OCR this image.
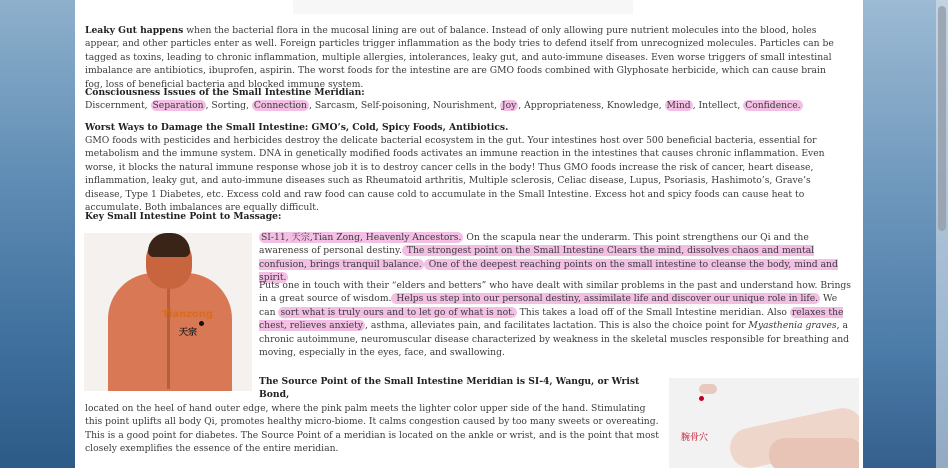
Leaky Gut happens when the bacterial flora in the mucosal lining are out of balance. Instead of only allowing pure nutrient molecules into the blood, holes appear, and other particles enter as well. Foreign particles trigger inflammation as the body tries to defend itself from unrecognized molecules. Particles can be tagged as toxins, leading to chronic inflammation, multiple allergies, intolerances, leaky gut, and auto-immune diseases. Even worse triggers of small intestinal imbalance are antibiotics, ibuprofen, aspirin. The worst foods for the intestine are are GMO foods combined with Glyphosate herbicide, which can cause brain fog, loss of beneficial bacteria and blocked immune system.

Consciousness Issues of the Small Intestine Meridian:

Discernment, Separation , Sorting, Connection , Sarcasm, Self-poisoning, Nourishment, Joy , Appropriateness, Knowledge, Mind , Intellect, Confidence.

Worst Ways to Damage the Small Intestine: GMO’s, Cold, Spicy Foods, Antibiotics.

GMO foods with pesticides and herbicides destroy the delicate bacterial ecosystem in the gut. Your intestines host over 500 beneficial bacteria, essential for metabolism and the immune system. DNA in genetically modified foods activates an immune reaction in the intestines that causes chronic inflammation. Even worse, it blocks the natural immune response whose job it is to destroy cancer cells in the body! Thus GMO foods increase the risk of cancer, heart disease, inflammation, leaky gut, and auto-immune diseases such as Rheumatoid arthritis, Multiple sclerosis, Celiac disease, Lupus, Psoriasis, Hashimoto’s, Grave’s disease, Type 1 Diabetes, etc. Excess cold and raw food can cause cold to accumulate in the Small Intestine. Excess hot and spicy foods can cause heat to accumulate. Both imbalances are equally difficult.

Key Small Intestine Point to Massage:

Tianzong
天宗

SI-11, 天宗,Tian Zong, Heavenly Ancestors. On the scapula near the underarm. This point strengthens our Qi and the awareness of personal destiny. The strongest point on the Small Intestine Clears the mind, dissolves chaos and mental confusion, brings tranquil balance. One of the deepest reaching points on the small intestine to cleanse the body, mind and spirit.

Puts one in touch with their “elders and betters” who have dealt with similar problems in the past and understand how. Brings in a great source of wisdom. Helps us step into our personal destiny, assimilate life and discover our unique role in life. We can sort what is truly ours and to let go of what is not. This takes a load off of the Small Intestine meridian. Also relaxes the chest, relieves anxiety , asthma, alleviates pain, and facilitates lactation. This is also the choice point for Myasthenia graves, a chronic autoimmune, neuromuscular disease characterized by weakness in the skeletal muscles responsible for breathing and moving, especially in the eyes, face, and swallowing.

The Source Point of the Small Intestine Meridian is SI-4, Wangu, or Wrist Bond,

located on the heel of hand outer edge, where the pink palm meets the lighter color upper side of the hand. Stimulating this point uplifts all body Qi, promotes healthy micro-biome. It calms congestion caused by too many sweets or overeating. This is a good point for diabetes. The Source Point of a meridian is located on the ankle or wrist, and is the point that most closely exemplifies the essence of the entire meridian.

腕骨穴
